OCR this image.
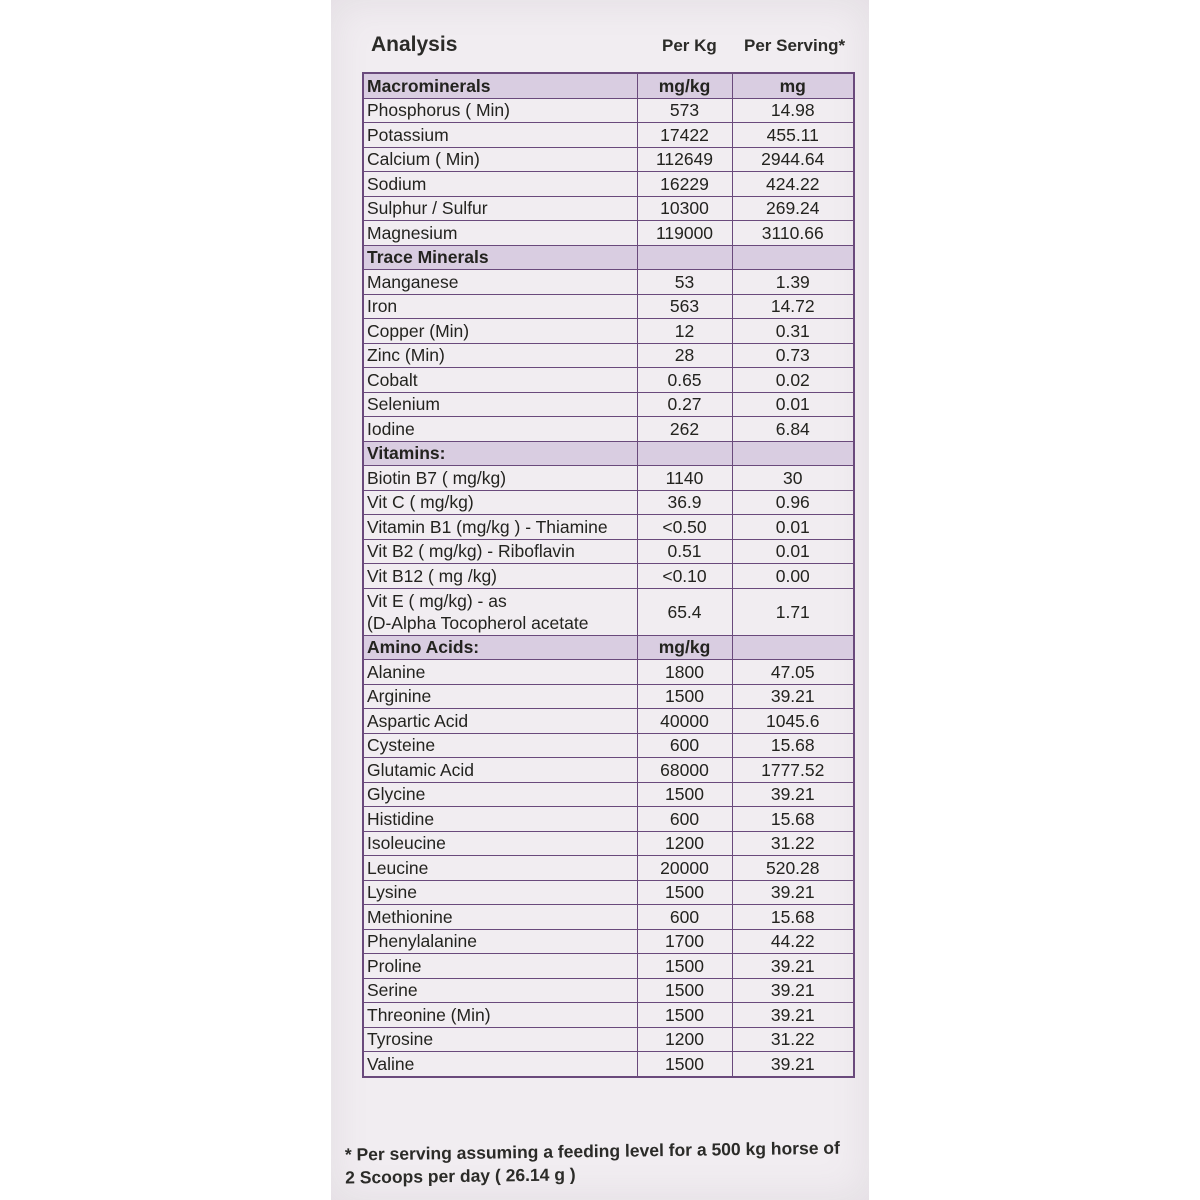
Analysis	Per Kg Per Serving*
Macrominerals	mg/kg	mg
Phosphorus ( Min)	573	14.98
Potassium	17422	455.11
Calcium ( Min)	112649	2944.64
Sodium	16229	424.22
Sulphur / Sulfur	10300	269.24
Magnesium	119000	3110.66
Trace Minerals		
Manganese	53	1.39
Iron	563	14.72
Copper (Min)	12	0.31
Zinc (Min)	28	0.73
Cobalt	0.65	0.02
Selenium	0.27	0.01
Iodine	262	6.84
Vitamins:		
Biotin B7 ( mg/kg)	1140	30
Vit C ( mg/kg)	36.9	0.96
Vitamin B1 (mg/kg ) - Thiamine	<0.50	0.01
Vit B2 ( mg/kg) - Riboflavin	0.51	0.01
Vit B12 ( mg /kg)	<0.10	0.00

Vit E ( mg/kg) - as
(D-Alpha Tocopherol acetate	65.4	1.71
Amino Acids:	mg/kg	
Alanine	1800	47.05
Arginine	1500	39.21
Aspartic Acid	40000	1045.6
Cysteine	600	15.68
Glutamic Acid	68000	1777.52
Glycine	1500	39.21
Histidine	600	15.68
Isoleucine	1200	31.22
Leucine	20000	520.28
Lysine	1500	39.21
Methionine	600	15.68
Phenylalanine	1700	44.22
Proline	1500	39.21
Serine	1500	39.21
Threonine (Min)	1500	39.21
Tyrosine	1200	31.22
Valine	1500	39.21
* Per serving assuming a feeding level for a 500 kg horse of
2 Scoops per day ( 26.14 g )
